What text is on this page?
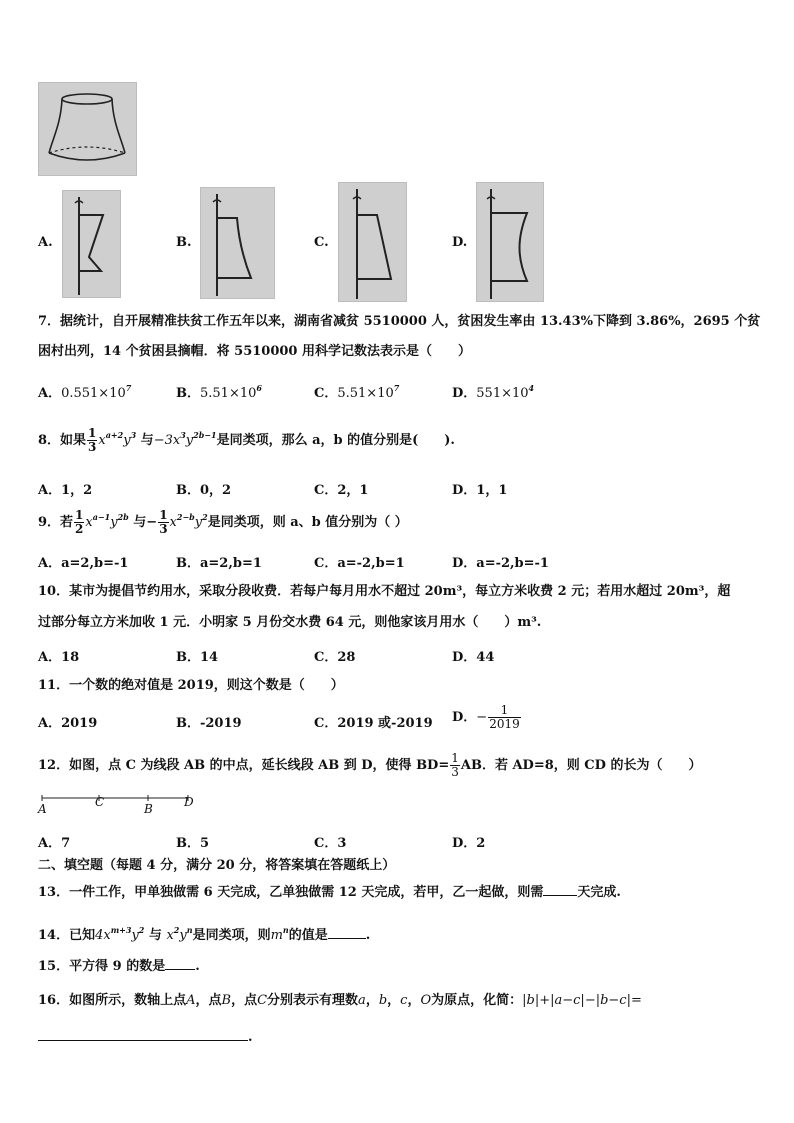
A.	B.	C.	D.
7．据统计，自开展精准扶贫工作五年以来，湖南省减贫 5510000 人，贫困发生率由 13.43%下降到 3.86%，2695 个贫
困村出列，14 个贫困县摘帽．将 5510000 用科学记数法表示是（　　）
A．$0.551\times 10^7$	B．$5.51\times 10^6$	C．$5.51\times 10^7$	D．$551\times 10^4$
8．如果 $\frac{1}{3} x^{a+2}y^3$ 与$-3x^3y^{2b-1}$是同类项，那么 a，b 的值分别是(　　).
A．1，2	B．0，2	C．2，1	D．1，1
9．若 $\frac{1}{2} x^{a-1}y^{2b}$ 与− $\frac{1}{3} x^{2-b}y^2$是同类项，则 a、b 值分别为（ ）
A．a=2,b=-1	B．a=2,b=1	C．a=-2,b=1	D．a=-2,b=-1
10．某市为提倡节约用水，采取分段收费．若每户每月用水不超过 20m³，每立方米收费 2 元；若用水超过 20m³，超
过部分每立方米加收 1 元．小明家 5 月份交水费 64 元，则他家该月用水（　　）m³.
A．18	B．14	C．28	D．44
11．一个数的绝对值是 2019，则这个数是（　　）
A．2019	B．-2019	C．2019 或-2019 D．− $\frac{1}{2019}$
12．如图，点 C 为线段 AB 的中点，延长线段 AB 到 D，使得 $BD= \frac{1}{3}$ AB．若 AD=8，则 CD 的长为（　　）
A	C	B	D
A．7	B．5	C．3	D．2
二、填空题（每题 4 分，满分 20 分，将答案填在答题纸上）
13．一件工作，甲单独做需 6 天完成，乙单独做需 12 天完成，若甲，乙一起做，则需	天完成.
14．已知$4x^{m+3}y^2$ 与 $x^2y^n$是同类项，则$m^n$的值是	.
15．平方得 9 的数是 .
16．如图所示，数轴上点A，点B，点C分别表示有理数a，b，c，O为原点，化简：|b|+|a−c|−|b−c|=
.
